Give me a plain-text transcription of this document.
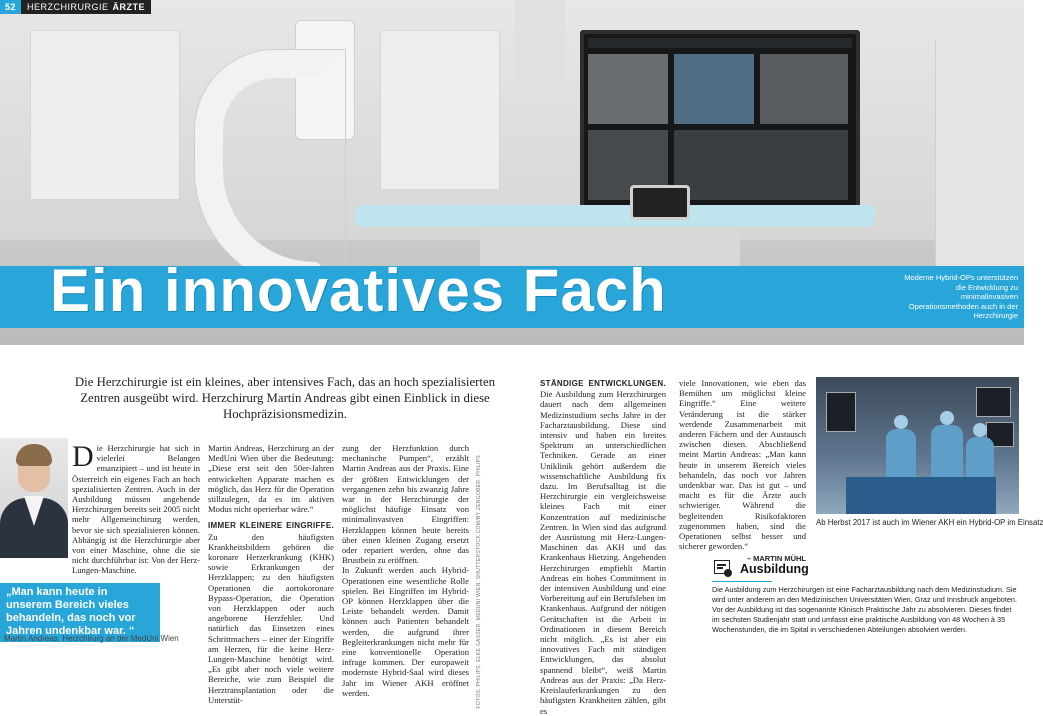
Ein innovatives Fach	Moderne Hybrid-OPs unterstützen die Entwicklung zu minimalinvasiven Operationsmethoden auch in der Herzchirurgie
52	HERZCHIRURGIE ÄRZTE
Die Herzchirurgie ist ein kleines, aber intensives Fach, das an hoch spezialisierten Zentren ausgeübt wird. Herzchirurg Martin Andreas gibt einen Einblick in diese Hochpräzisionsmedizin.
„Man kann heute in unserem Bereich vieles behandeln, das noch vor Jahren undenkbar war. “
Martin Andreas, Herzchirurg an der MedUni Wien
Die Herzchirurgie hat sich in vielerlei Belangen emanzipiert – und ist heute in Österreich ein eigenes Fach an hoch spezialisierten Zentren. Auch in der Ausbildung müssen angehende Herzchirurgen bereits seit 2005 nicht mehr Allgemeinchirurg werden, bevor sie sich spezialisieren können. Abhängig ist die Herzchirurgie aber von einer Maschine, ohne die sie nicht durchführbar ist: Von der Herz-Lungen-Maschine.

Martin Andreas, Herzchirurg an der MedUni Wien über die Bedeutung: „Diese erst seit den 50er-Jahren entwickelten Apparate machen es möglich, das Herz für die Operation stillzulegen, da es im aktiven Modus nicht operierbar wäre.“

IMMER KLEINERE EINGRIFFE. Zu den häufigsten Krankheitsbildern gehören die koronare Herzerkrankung (KHK) sowie Erkrankungen der Herzklappen; zu den häufigsten Operationen die aortokoronare Bypass-Operation, die Operation von Herzklappen oder auch angeborene Herzfehler. Und natürlich das Einsetzen eines Schrittmachers – einer der Eingriffe am Herzen, für die keine Herz-Lungen-Maschine benötigt wird. „Es gibt aber noch viele weitere Bereiche, wie zum Beispiel die Herztransplantation oder die Unterstüt-

zung der Herzfunktion durch mechanische Pumpen“, erzählt Martin Andreas aus der Praxis. Eine der größten Entwicklungen der vergangenen zehn bis zwanzig Jahre war in der Herzchirurgie der möglichst häufige Einsatz von minimalinvasiven Eingriffen: Herzklappen können heute bereits über einen kleinen Zugang ersetzt oder repariert werden, ohne das Brustbein zu eröffnen.

In Zukunft werden auch Hybrid-Operationen eine wesentliche Rolle spielen. Bei Eingriffen im Hybrid-OP können Herzklappen über die Leiste behandelt werden. Damit können auch Patienten behandelt werden, die aufgrund ihrer Begleiterkrankungen nicht mehr für eine konventionelle Operation infrage kommen. Der europaweit modernste Hybrid-Saal wird dieses Jahr im Wiener AKH eröffnet werden.	FOTOS: PHILIPS, ELKE GASSER, MEDUNI WIEN, SHUTTERSTOCK.COM/BY ZENGOBER, PHILIPS

STÄNDIGE ENTWICKLUNGEN. Die Ausbildung zum Herzchirurgen dauert nach dem allgemeinen Medizinstudium sechs Jahre in der Facharztausbildung. Diese sind intensiv und haben ein breites Spektrum an unterschiedlichen Techniken. Gerade an einer Uniklinik gehört außerdem die wissenschaftliche Ausbildung fix dazu. Im Berufsalltag ist die Herzchirurgie ein vergleichsweise kleines Fach mit einer Konzentration auf medizinische Zentren. In Wien sind das aufgrund der Ausrüstung mit Herz-Lungen-Maschinen das AKH und das Krankenhaus Hietzing. Angehenden Herzchirurgen empfiehlt Martin Andreas ein hohes Commitment in der intensiven Ausbildung und eine Vorbereitung auf ein Berufsleben im Krankenhaus. Aufgrund der nötigen Gerätschaften ist die Arbeit in Ordinationen in diesem Bereich nicht möglich. „Es ist aber ein innovatives Fach mit ständigen Entwicklungen, das absolut spannend bleibt“, weiß Martin Andreas aus der Praxis: „Da Herz-Kreislauferkrankungen zu den häufigsten Krankheiten zählen, gibt es

viele Innovationen, wie eben das Bemühen um möglichst kleine Eingriffe.“ Eine weitere Veränderung ist die stärker werdende Zusammenarbeit mit anderen Fächern und der Austausch zwischen diesen. Abschließend meint Martin Andreas: „Man kann heute in unserem Bereich vieles behandeln, das noch vor Jahren undenkbar war. Das ist gut – und macht es für die Ärzte auch schwieriger. Während die begleitenden Risikofaktoren zugenommen haben, sind die Operationen selbst besser und sicherer geworden.“

– MARTIN MÜHL
Ab Herbst 2017 ist auch im Wiener AKH ein Hybrid-OP im Einsatz
Ausbildung
Die Ausbildung zum Herzchirurgen ist eine Facharztausbildung nach dem Medizinstudium. Sie wird unter anderem an den Medizinischen Universitäten Wien, Graz und Innsbruck angeboten. Vor der Ausbildung ist das sogenannte Klinisch Praktische Jahr zu absolvieren. Dieses findet im sechsten Studienjahr statt und umfasst eine praktische Ausbildung von 48 Wochen à 35 Wochenstunden, die im Spital in verschiedenen Abteilungen absolviert werden.
